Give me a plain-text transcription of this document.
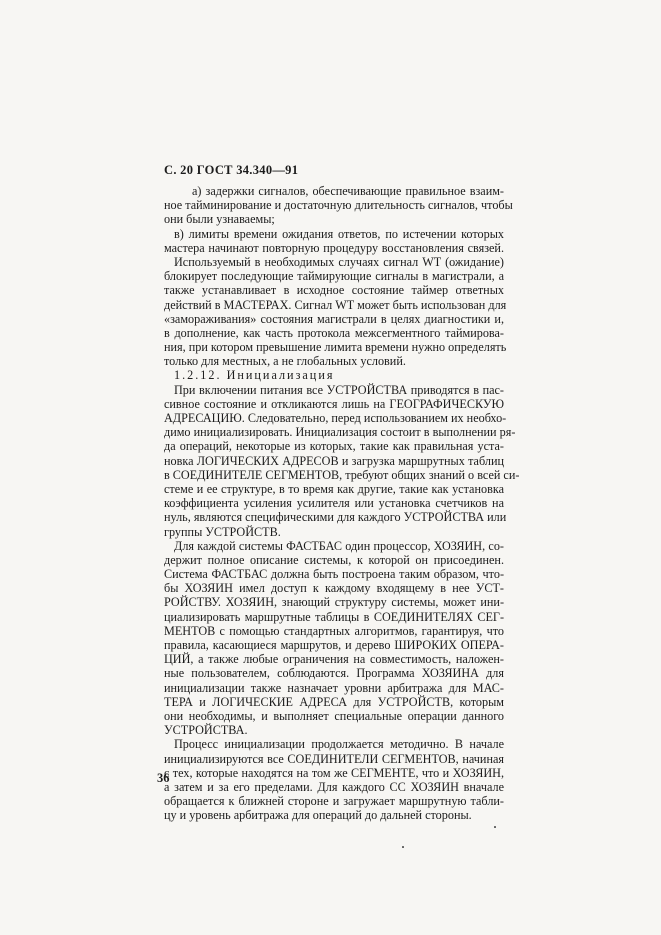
С. 20 ГОСТ 34.340—91
а) задержки сигналов, обеспечивающие правильное взаим-
ное тайминирование и достаточную длительность сигналов, чтобы
они были узнаваемы;
в) лимиты времени ожидания ответов, по истечении которых
мастера начинают повторную процедуру восстановления связей.
Используемый в необходимых случаях сигнал WT (ожидание)
блокирует последующие таймирующие сигналы в магистрали, а
также устанавливает в исходное состояние таймер ответных
действий в МАСТЕРАХ. Сигнал WT может быть использован для
«замораживания» состояния магистрали в целях диагностики и,
в дополнение, как часть протокола межсегментного таймирова-
ния, при котором превышение лимита времени нужно определять
только для местных, а не глобальных условий.
1.2.12. Инициализация
При включении питания все УСТРОЙСТВА приводятся в пас-
сивное состояние и откликаются лишь на ГЕОГРАФИЧЕСКУЮ
АДРЕСАЦИЮ. Следовательно, перед использованием их необхо-
димо инициализировать. Инициализация состоит в выполнении ря-
да операций, некоторые из которых, такие как правильная уста-
новка ЛОГИЧЕСКИХ АДРЕСОВ и загрузка маршрутных таблиц
в СОЕДИНИТЕЛЕ СЕГМЕНТОВ, требуют общих знаний о всей си-
стеме и ее структуре, в то время как другие, такие как установка
коэффициента усиления усилителя или установка счетчиков на
нуль, являются специфическими для каждого УСТРОЙСТВА или
группы УСТРОЙСТВ.
Для каждой системы ФАСТБАС один процессор, ХОЗЯИН, со-
держит полное описание системы, к которой он присоединен.
Система ФАСТБАС должна быть построена таким образом, что-
бы ХОЗЯИН имел доступ к каждому входящему в нее УСТ-
РОЙСТВУ. ХОЗЯИН, знающий структуру системы, может ини-
циализировать маршрутные таблицы в СОЕДИНИТЕЛЯХ СЕГ-
МЕНТОВ с помощью стандартных алгоритмов, гарантируя, что
правила, касающиеся маршрутов, и дерево ШИРОКИХ ОПЕРА-
ЦИЙ, а также любые ограничения на совместимость, наложен-
ные пользователем, соблюдаются. Программа ХОЗЯИНА для
инициализации также назначает уровни арбитража для МАС-
ТЕРА и ЛОГИЧЕСКИЕ АДРЕСА для УСТРОЙСТВ, которым
они необходимы, и выполняет специальные операции данного
УСТРОЙСТВА.
Процесс инициализации продолжается методично. В начале
инициализируются все СОЕДИНИТЕЛИ СЕГМЕНТОВ, начиная
с тех, которые находятся на том же СЕГМЕНТЕ, что и ХОЗЯИН,
а затем и за его пределами. Для каждого СС ХОЗЯИН вначале
обращается к ближней стороне и загружает маршрутную табли-
цу и уровень арбитража для операций до дальней стороны.
36
